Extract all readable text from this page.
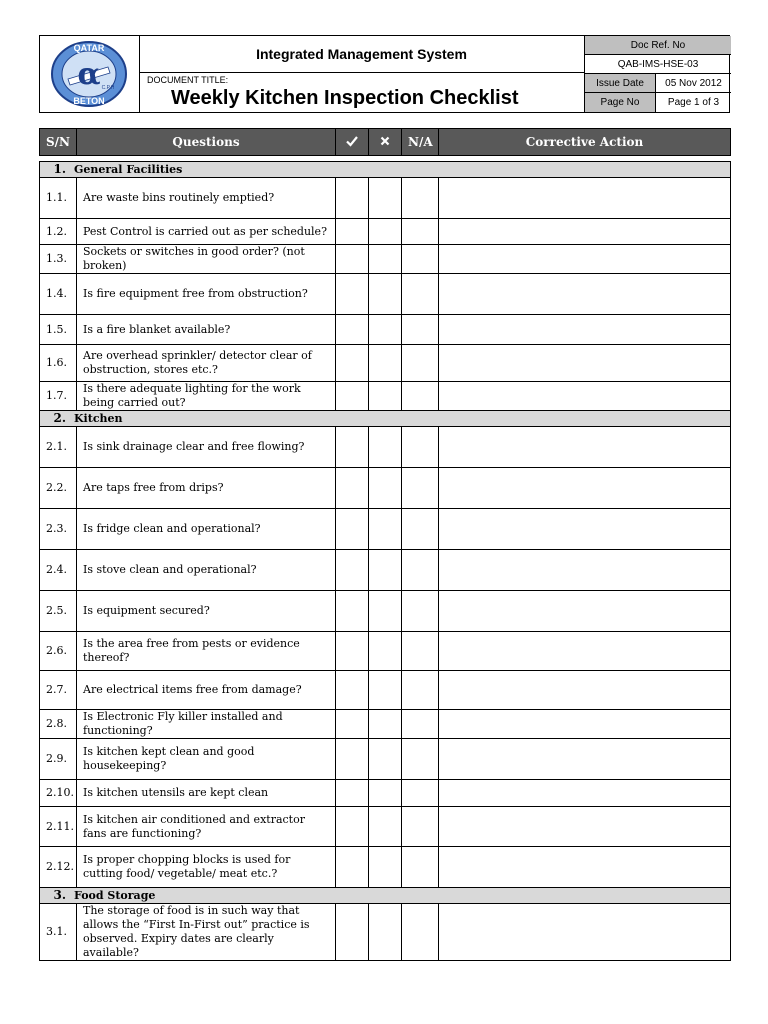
α
QATAR
BETON
C.P.H
Integrated Management System
DOCUMENT TITLE:
Weekly Kitchen Inspection Checklist
Doc Ref. No
QAB-IMS-HSE-03
Issue Date	05 Nov 2012
Page No	Page 1 of 3
S/N	Questions			N/A	Corrective Action

1. General Facilities					
1.1.	Are waste bins routinely emptied?				
1.2.	Pest Control is carried out as per schedule?				
1.3.	Sockets or switches in good order? (not broken)				
1.4.	Is fire equipment free from obstruction?				
1.5.	Is a fire blanket available?				
1.6.	Are overhead sprinkler/ detector clear of obstruction, stores etc.?				
1.7.	Is there adequate lighting for the work being carried out?				
2. Kitchen					
2.1.	Is sink drainage clear and free flowing?				
2.2.	Are taps free from drips?				
2.3.	Is fridge clean and operational?				
2.4.	Is stove clean and operational?				
2.5.	Is equipment secured?				
2.6.	Is the area free from pests or evidence thereof?				
2.7.	Are electrical items free from damage?				
2.8.	Is Electronic Fly killer installed and functioning?				
2.9.	Is kitchen kept clean and good housekeeping?				
2.10.	Is kitchen utensils are kept clean				
2.11.	Is kitchen air conditioned and extractor fans are functioning?				
2.12.	Is proper chopping blocks is used for cutting food/ vegetable/ meat etc.?				
3. Food Storage					
3.1.	The storage of food is in such way that allows the “First In-First out” practice is observed. Expiry dates are clearly available?				
